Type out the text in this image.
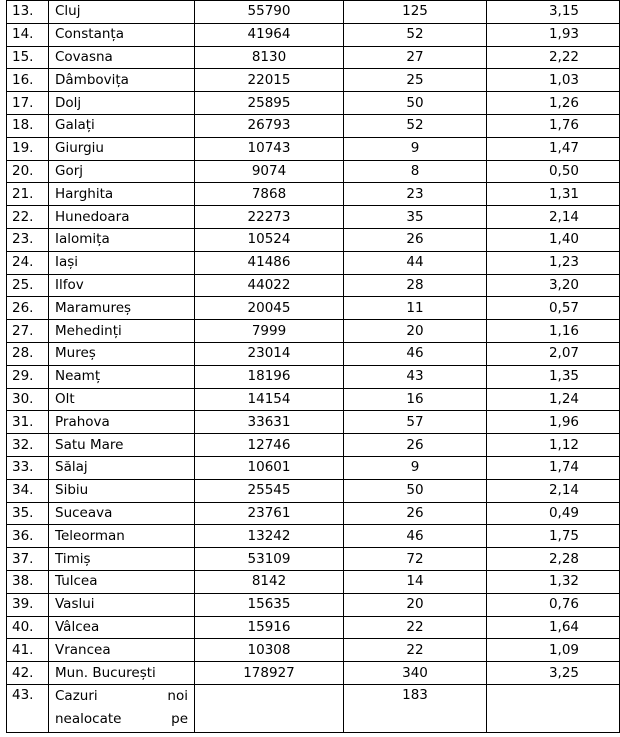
13.	Cluj	55790	125	3,15
14.	Constanța	41964	52	1,93
15.	Covasna	8130	27	2,22
16.	Dâmbovița	22015	25	1,03
17.	Dolj	25895	50	1,26
18.	Galați	26793	52	1,76
19.	Giurgiu	10743	9	1,47
20.	Gorj	9074	8	0,50
21.	Harghita	7868	23	1,31
22.	Hunedoara	22273	35	2,14
23.	Ialomița	10524	26	1,40
24.	Iași	41486	44	1,23
25.	Ilfov	44022	28	3,20
26.	Maramureș	20045	11	0,57
27.	Mehedinți	7999	20	1,16
28.	Mureș	23014	46	2,07
29.	Neamț	18196	43	1,35
30.	Olt	14154	16	1,24
31.	Prahova	33631	57	1,96
32.	Satu Mare	12746	26	1,12
33.	Sălaj	10601	9	1,74
34.	Sibiu	25545	50	2,14
35.	Suceava	23761	26	0,49
36.	Teleorman	13242	46	1,75
37.	Timiș	53109	72	2,28
38.	Tulcea	8142	14	1,32
39.	Vaslui	15635	20	0,76
40.	Vâlcea	15916	22	1,64
41.	Vrancea	10308	22	1,09
42.	Mun. București	178927	340	3,25
43.	Cazuri noi nealocate pe		183	
